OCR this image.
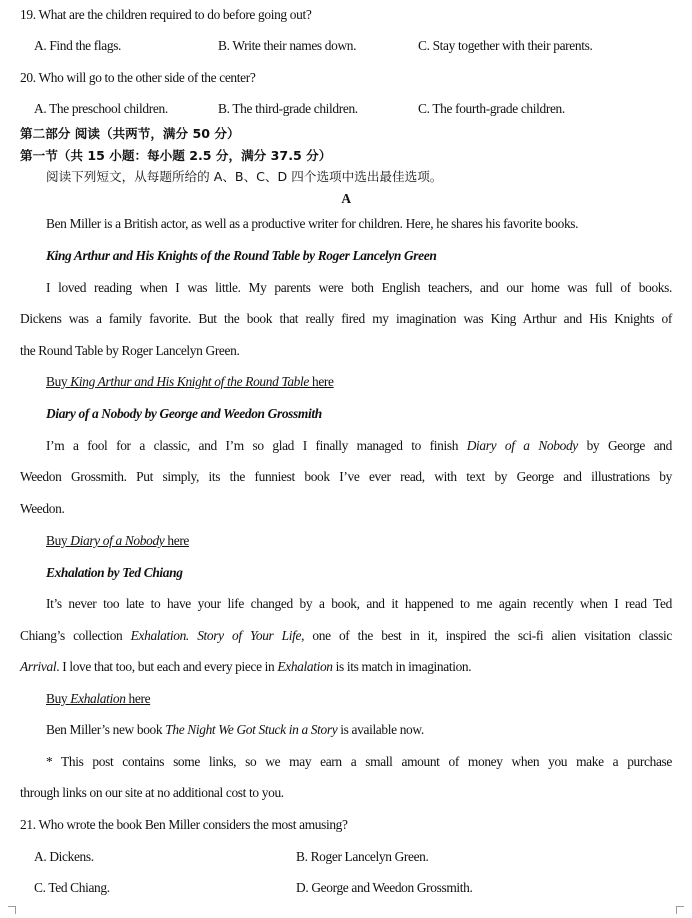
19. What are the children required to do before going out?
A. Find the flags.	B. Write their names down.	C. Stay together with their parents.
20. Who will go to the other side of the center?
A. The preschool children.	B. The third-grade children.	C. The fourth-grade children.
第二部分 阅读（共两节，满分 50 分）
第一节（共 15 小题：每小题 2.5 分，满分 37.5 分）
阅读下列短文，从每题所给的 A、B、C、D 四个选项中选出最佳选项。
A
Ben Miller is a British actor, as well as a productive writer for children. Here, he shares his favorite books.
King Arthur and His Knights of the Round Table by Roger Lancelyn Green
I loved reading when I was little. My parents were both English teachers, and our home was full of books.
Dickens was a family favorite. But the book that really fired my imagination was King Arthur and His Knights of
the Round Table by Roger Lancelyn Green.
Buy King Arthur and His Knight of the Round Table here
Diary of a Nobody by George and Weedon Grossmith
I’m a fool for a classic, and I’m so glad I finally managed to finish Diary of a Nobody by George and
Weedon Grossmith. Put simply, its the funniest book I’ve ever read, with text by George and illustrations by
Weedon.
Buy Diary of a Nobody here
Exhalation by Ted Chiang
It’s never too late to have your life changed by a book, and it happened to me again recently when I read Ted
Chiang’s collection Exhalation. Story of Your Life, one of the best in it, inspired the sci-fi alien visitation classic
Arrival. I love that too, but each and every piece in Exhalation is its match in imagination.
Buy Exhalation here
Ben Miller’s new book The Night We Got Stuck in a Story is available now.
* This post contains some links, so we may earn a small amount of money when you make a purchase
through links on our site at no additional cost to you.
21. Who wrote the book Ben Miller considers the most amusing?
A. Dickens.	B. Roger Lancelyn Green.
C. Ted Chiang.	D. George and Weedon Grossmith.
